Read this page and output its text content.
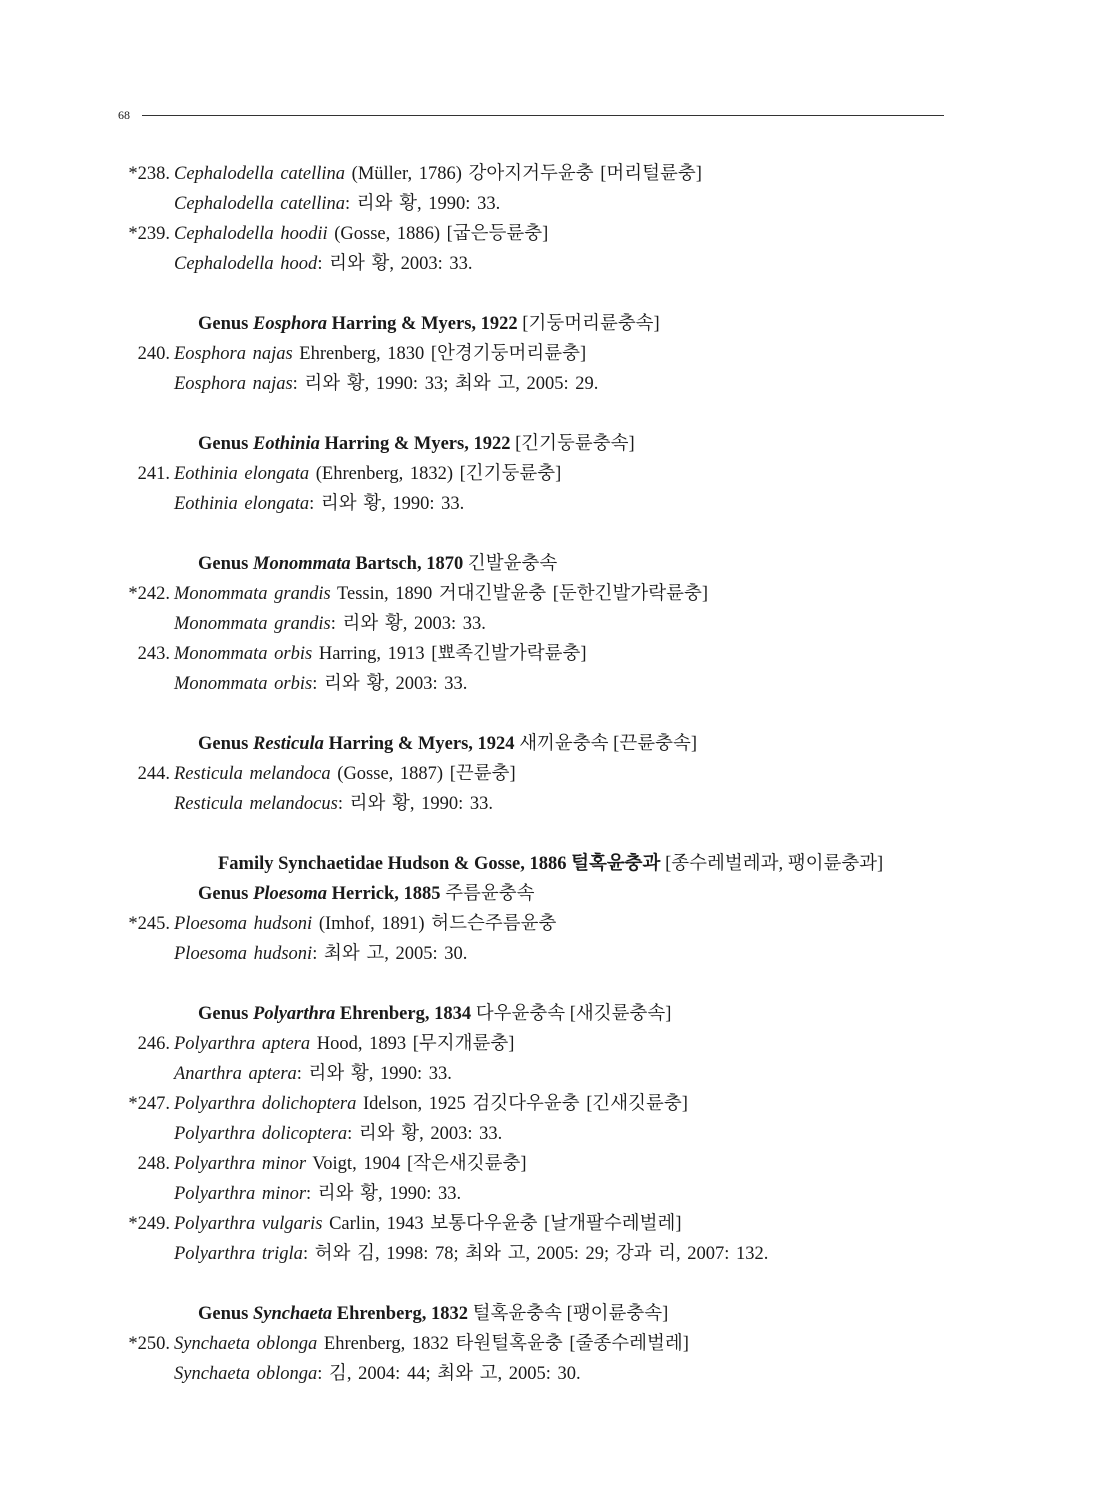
68
*238. Cephalodella catellina (Müller, 1786) 강아지거두윤충 [머리털륜충]
Cephalodella catellina: 리와 황, 1990: 33.
*239. Cephalodella hoodii (Gosse, 1886) [굽은등륜충]
Cephalodella hood: 리와 황, 2003: 33.
Genus Eosphora Harring & Myers, 1922 [기둥머리륜충속]
240. Eosphora najas Ehrenberg, 1830 [안경기둥머리륜충]
Eosphora najas: 리와 황, 1990: 33; 최와 고, 2005: 29.
Genus Eothinia Harring & Myers, 1922 [긴기둥륜충속]
241. Eothinia elongata (Ehrenberg, 1832) [긴기둥륜충]
Eothinia elongata: 리와 황, 1990: 33.
Genus Monommata Bartsch, 1870 긴발윤충속
*242. Monommata grandis Tessin, 1890 거대긴발윤충 [둔한긴발가락륜충]
Monommata grandis: 리와 황, 2003: 33.
243. Monommata orbis Harring, 1913 [뾰족긴발가락륜충]
Monommata orbis: 리와 황, 2003: 33.
Genus Resticula Harring & Myers, 1924 새끼윤충속 [끈륜충속]
244. Resticula melandoca (Gosse, 1887) [끈륜충]
Resticula melandocus: 리와 황, 1990: 33.
Family Synchaetidae Hudson & Gosse, 1886 털혹윤충과 [종수레벌레과, 팽이륜충과]
Genus Ploesoma Herrick, 1885 주름윤충속
*245. Ploesoma hudsoni (Imhof, 1891) 허드슨주름윤충
Ploesoma hudsoni: 최와 고, 2005: 30.
Genus Polyarthra Ehrenberg, 1834 다우윤충속 [새깃륜충속]
246. Polyarthra aptera Hood, 1893 [무지개륜충]
Anarthra aptera: 리와 황, 1990: 33.
*247. Polyarthra dolichoptera Idelson, 1925 검깃다우윤충 [긴새깃륜충]
Polyarthra dolicoptera: 리와 황, 2003: 33.
248. Polyarthra minor Voigt, 1904 [작은새깃륜충]
Polyarthra minor: 리와 황, 1990: 33.
*249. Polyarthra vulgaris Carlin, 1943 보통다우윤충 [날개팔수레벌레]
Polyarthra trigla: 허와 김, 1998: 78; 최와 고, 2005: 29; 강과 리, 2007: 132.
Genus Synchaeta Ehrenberg, 1832 털혹윤충속 [팽이륜충속]
*250. Synchaeta oblonga Ehrenberg, 1832 타원털혹윤충 [줄종수레벌레]
Synchaeta oblonga: 김, 2004: 44; 최와 고, 2005: 30.
